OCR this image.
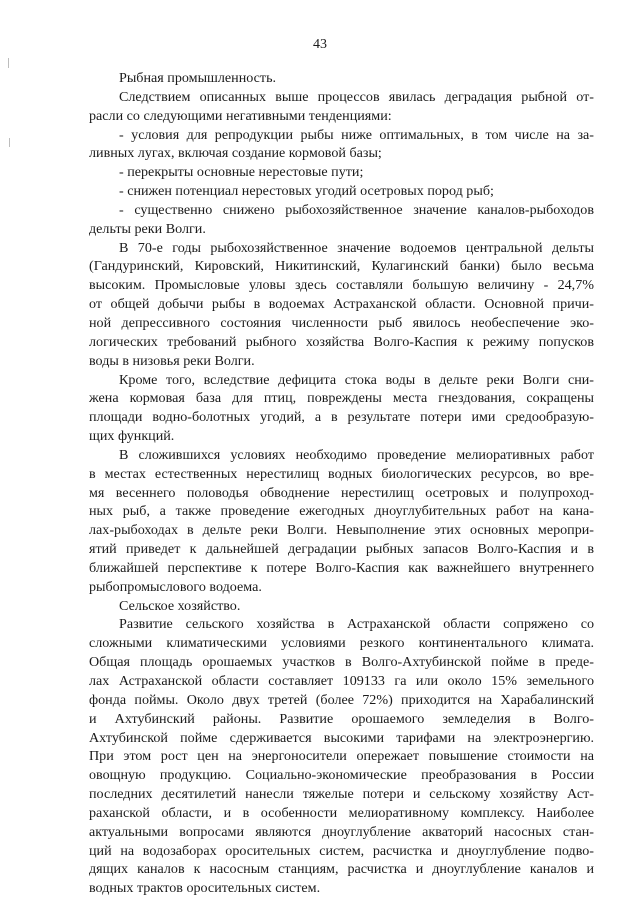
43
Рыбная промышленность.
Следствием описанных выше процессов явилась деградация рыбной от-
расли со следующими негативными тенденциями:
- условия для репродукции рыбы ниже оптимальных, в том числе на за-
ливных лугах, включая создание кормовой базы;
- перекрыты основные нерестовые пути;
- снижен потенциал нерестовых угодий осетровых пород рыб;
- существенно снижено рыбохозяйственное значение каналов-рыбоходов
дельты реки Волги.
В 70-е годы рыбохозяйственное значение водоемов центральной дельты
(Гандуринский, Кировский, Никитинский, Кулагинский банки) было весьма
высоким. Промысловые уловы здесь составляли большую величину - 24,7%
от общей добычи рыбы в водоемах Астраханской области. Основной причи-
ной депрессивного состояния численности рыб явилось необеспечение эко-
логических требований рыбного хозяйства Волго-Каспия к режиму попусков
воды в низовья реки Волги.
Кроме того, вследствие дефицита стока воды в дельте реки Волги сни-
жена кормовая база для птиц, повреждены места гнездования, сокращены
площади водно-болотных угодий, а в результате потери ими средообразую-
щих функций.
В сложившихся условиях необходимо проведение мелиоративных работ
в местах естественных нерестилищ водных биологических ресурсов, во вре-
мя весеннего половодья обводнение нерестилищ осетровых и полупроход-
ных рыб, а также проведение ежегодных дноуглубительных работ на кана-
лах-рыбоходах в дельте реки Волги. Невыполнение этих основных меропри-
ятий приведет к дальнейшей деградации рыбных запасов Волго-Каспия и в
ближайшей перспективе к потере Волго-Каспия как важнейшего внутреннего
рыбопромыслового водоема.
Сельское хозяйство.
Развитие сельского хозяйства в Астраханской области сопряжено со
сложными климатическими условиями резкого континентального климата.
Общая площадь орошаемых участков в Волго-Ахтубинской пойме в преде-
лах Астраханской области составляет 109133 га или около 15% земельного
фонда поймы. Около двух третей (более 72%) приходится на Харабалинский
и Ахтубинский районы. Развитие орошаемого земледелия в Волго-
Ахтубинской пойме сдерживается высокими тарифами на электроэнергию.
При этом рост цен на энергоносители опережает повышение стоимости на
овощную продукцию. Социально-экономические преобразования в России
последних десятилетий нанесли тяжелые потери и сельскому хозяйству Аст-
раханской области, и в особенности мелиоративному комплексу. Наиболее
актуальными вопросами являются дноуглубление акваторий насосных стан-
ций на водозаборах оросительных систем, расчистка и дноуглубление подво-
дящих каналов к насосным станциям, расчистка и дноуглубление каналов и
водных трактов оросительных систем.
